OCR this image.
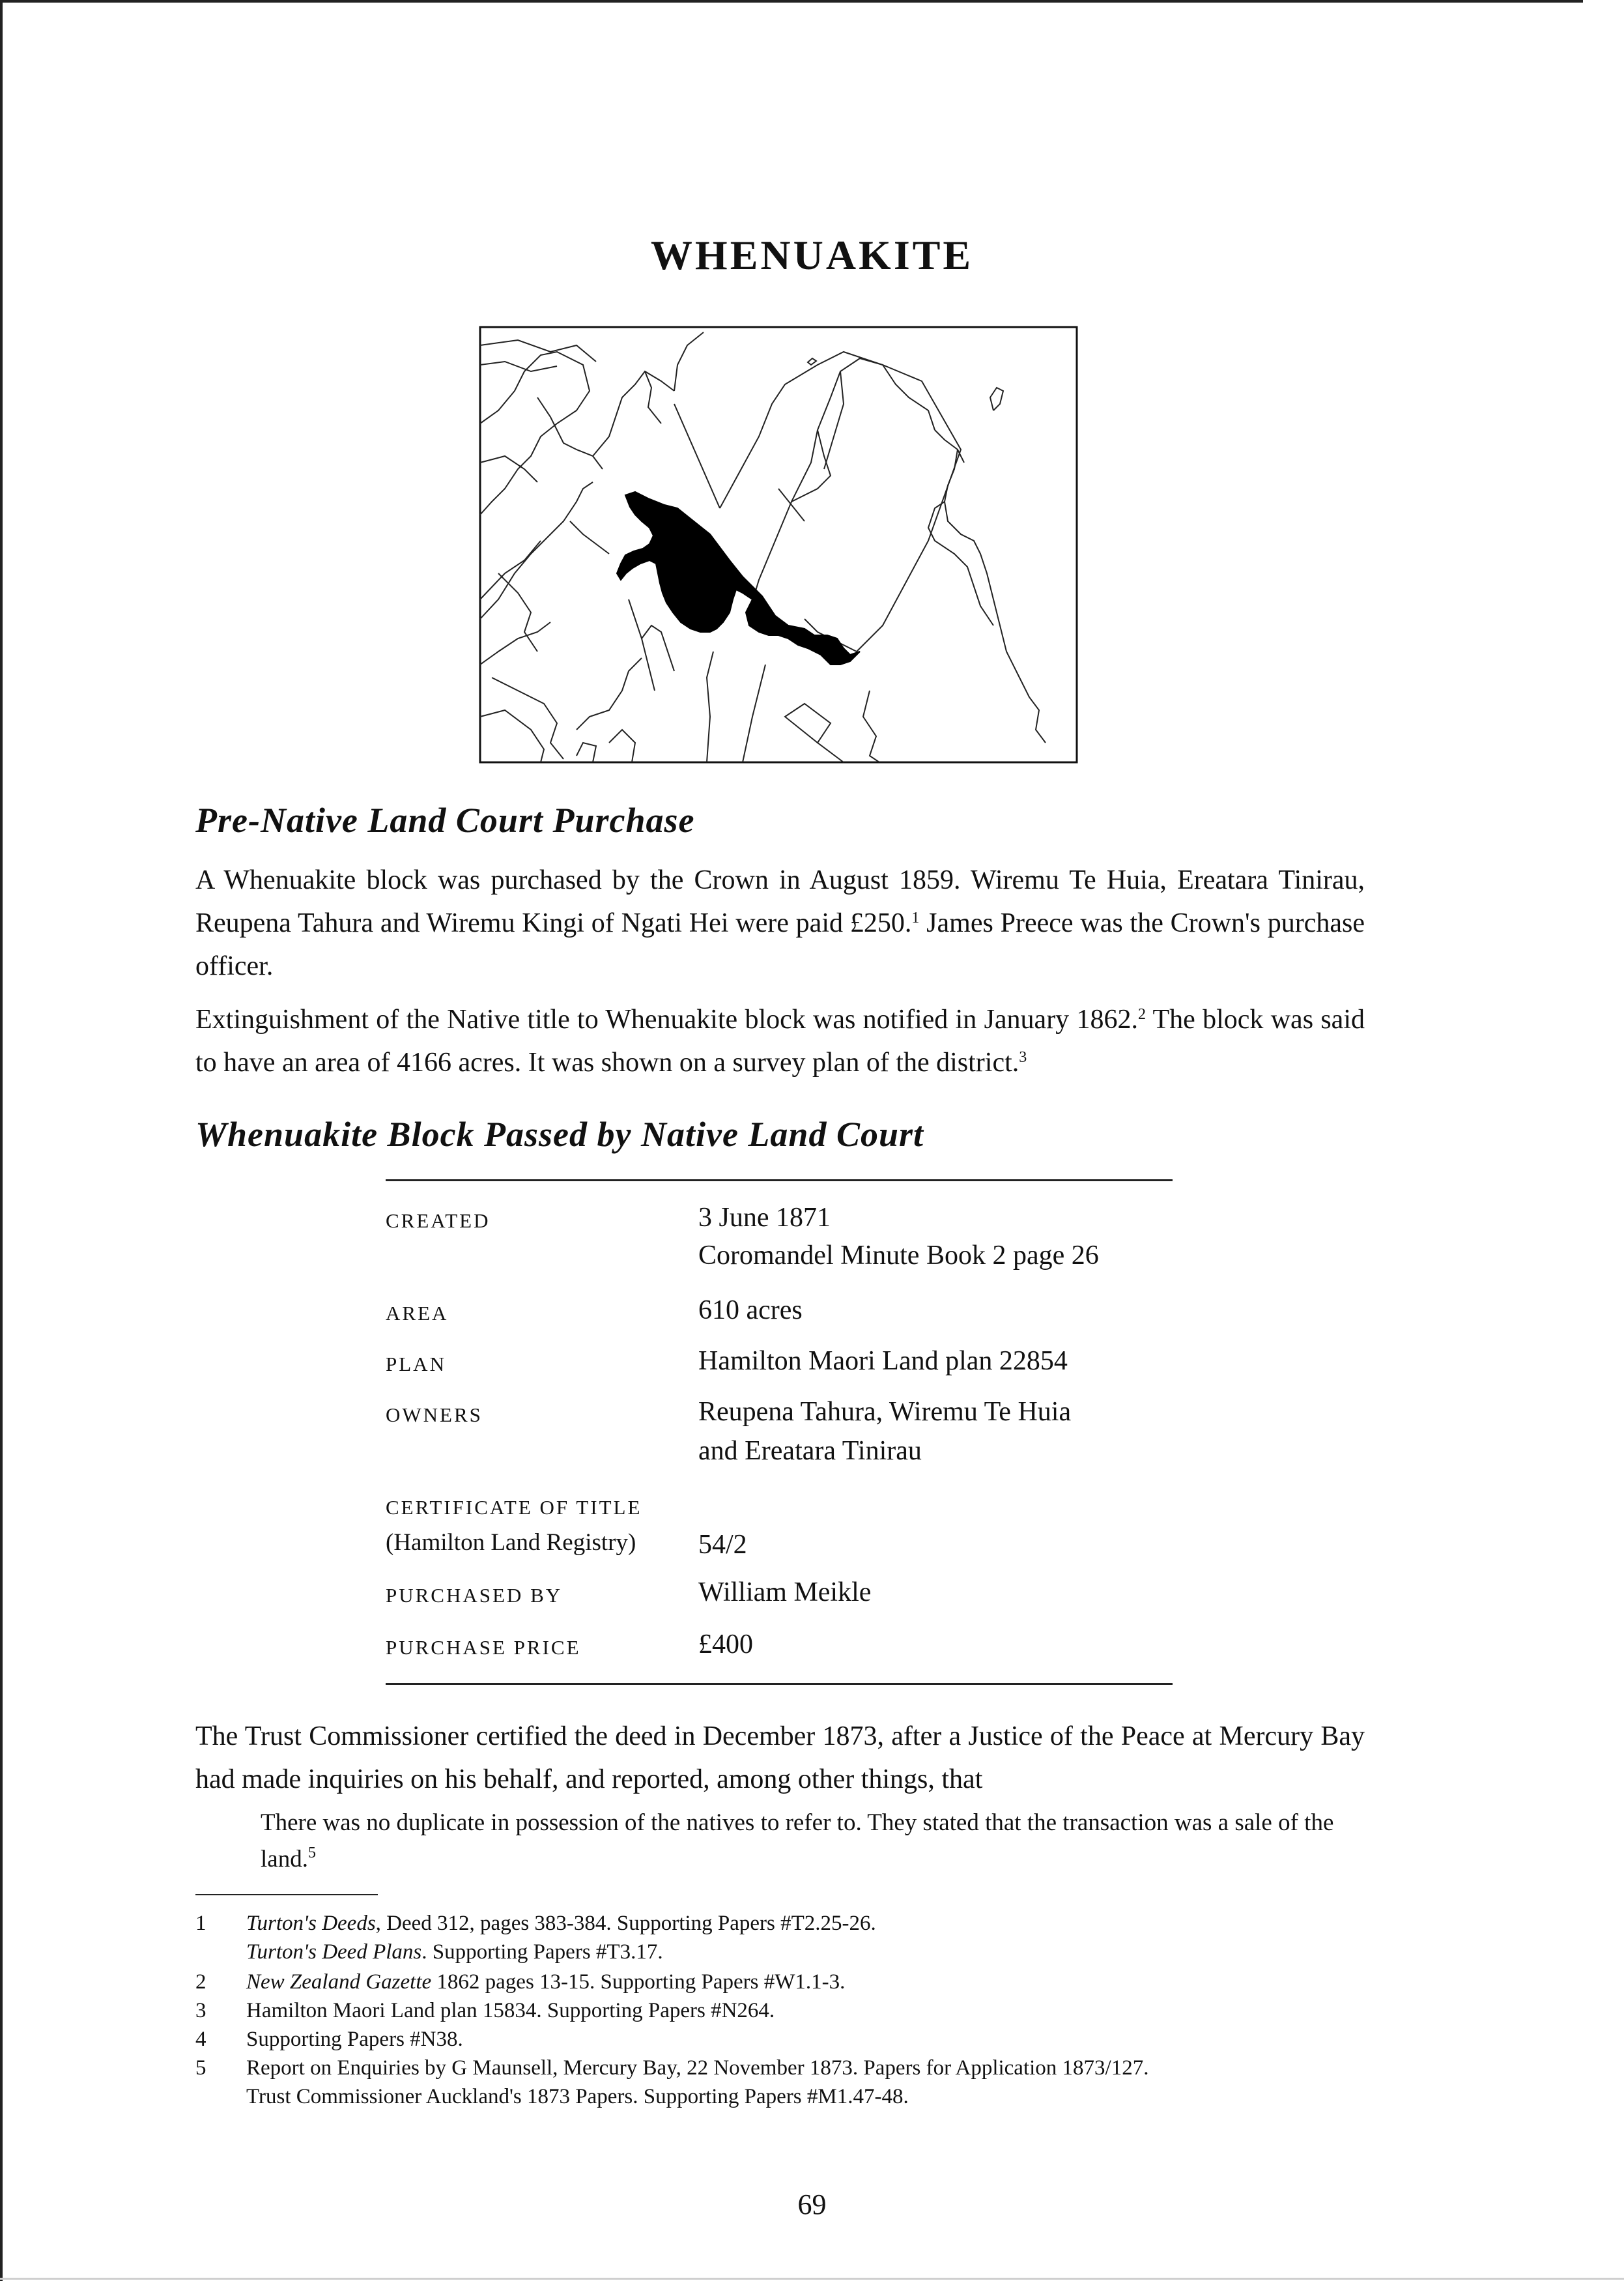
WHENUAKITE
Pre-Native Land Court Purchase

A Whenuakite block was purchased by the Crown in August 1859. Wiremu Te Huia, Ereatara Tinirau, Reupena Tahura and Wiremu Kingi of Ngati Hei were paid £250.$^1$ James Preece was the Crown's purchase officer.

Extinguishment of the Native title to Whenuakite block was notified in January 1862.$^2$ The block was said to have an area of 4166 acres. It was shown on a survey plan of the district.$^3$

Whenuakite Block Passed by Native Land Court
CREATED	3 June 1871
Coromandel Minute Book 2 page 26
AREA	610 acres
PLAN	Hamilton Maori Land plan 22854
OWNERS	Reupena Tahura, Wiremu Te Huia
and Ereatara Tinirau
CERTIFICATE OF TITLE
(Hamilton Land Registry) 54/2
PURCHASED BY	William Meikle
PURCHASE PRICE	£400

The Trust Commissioner certified the deed in December 1873, after a Justice of the Peace at Mercury Bay had made inquiries on his behalf, and reported, among other things, that

There was no duplicate in possession of the natives to refer to. They stated that the transaction was a sale of the land.$^5$

1 Turton's Deeds, Deed 312, pages 383-384. Supporting Papers #T2.25-26.
Turton's Deed Plans. Supporting Papers #T3.17.
2 New Zealand Gazette 1862 pages 13-15. Supporting Papers #W1.1-3.
3 Hamilton Maori Land plan 15834. Supporting Papers #N264.
4 Supporting Papers #N38.
5 Report on Enquiries by G Maunsell, Mercury Bay, 22 November 1873. Papers for Application 1873/127.
Trust Commissioner Auckland's 1873 Papers. Supporting Papers #M1.47-48.
69
